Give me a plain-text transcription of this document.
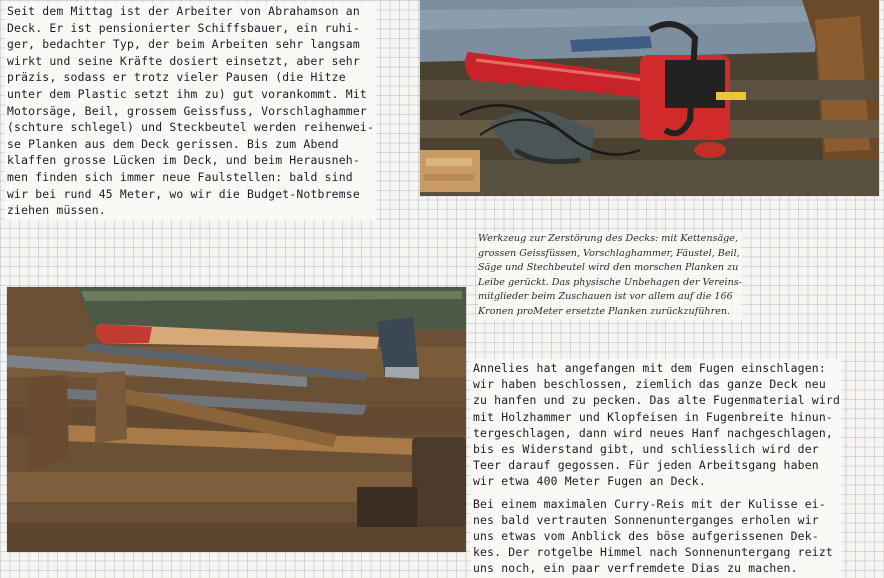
Seit dem Mittag ist der Arbeiter von Abrahamson an
Deck. Er ist pensionierter Schiffsbauer, ein ruhi-
ger, bedachter Typ, der beim Arbeiten sehr langsam
wirkt und seine Kräfte dosiert einsetzt, aber sehr
präzis, sodass er trotz vieler Pausen (die Hitze
unter dem Plastic setzt ihm zu) gut vorankommt. Mit
Motorsäge, Beil, grossem Geissfuss, Vorschlaghammer
(schture schlegel) und Steckbeutel werden reihenwei-
se Planken aus dem Deck gerissen. Bis zum Abend
klaffen grosse Lücken im Deck, und beim Herausneh-
men finden sich immer neue Faulstellen: bald sind
wir bei rund 45 Meter, wo wir die Budget-Notbremse
ziehen müssen.
Werkzeug zur Zerstörung des Decks: mit Kettensäge,
grossen Geissfüssen, Vorschlaghammer, Fäustel, Beil,
Säge und Stechbeutel wird den morschen Planken zu
Leibe gerückt. Das physische Unbehagen der Vereins-
mitglieder beim Zuschauen ist vor allem auf die 166
Kronen proMeter ersetzte Planken zurückzuführen.
Annelies hat angefangen mit dem Fugen einschlagen:
wir haben beschlossen, ziemlich das ganze Deck neu
zu hanfen und zu pecken. Das alte Fugenmaterial wird
mit Holzhammer und Klopfeisen in Fugenbreite hinun-
tergeschlagen, dann wird neues Hanf nachgeschlagen,
bis es Widerstand gibt, und schliesslich wird der
Teer darauf gegossen. Für jeden Arbeitsgang haben
wir etwa 400 Meter Fugen an Deck.

Bei einem maximalen Curry-Reis mit der Kulisse ei-
nes bald vertrauten Sonnenunterganges erholen wir
uns etwas vom Anblick des böse aufgerissenen Dek-
kes. Der rotgelbe Himmel nach Sonnenuntergang reizt
uns noch, ein paar verfremdete Dias zu machen.
